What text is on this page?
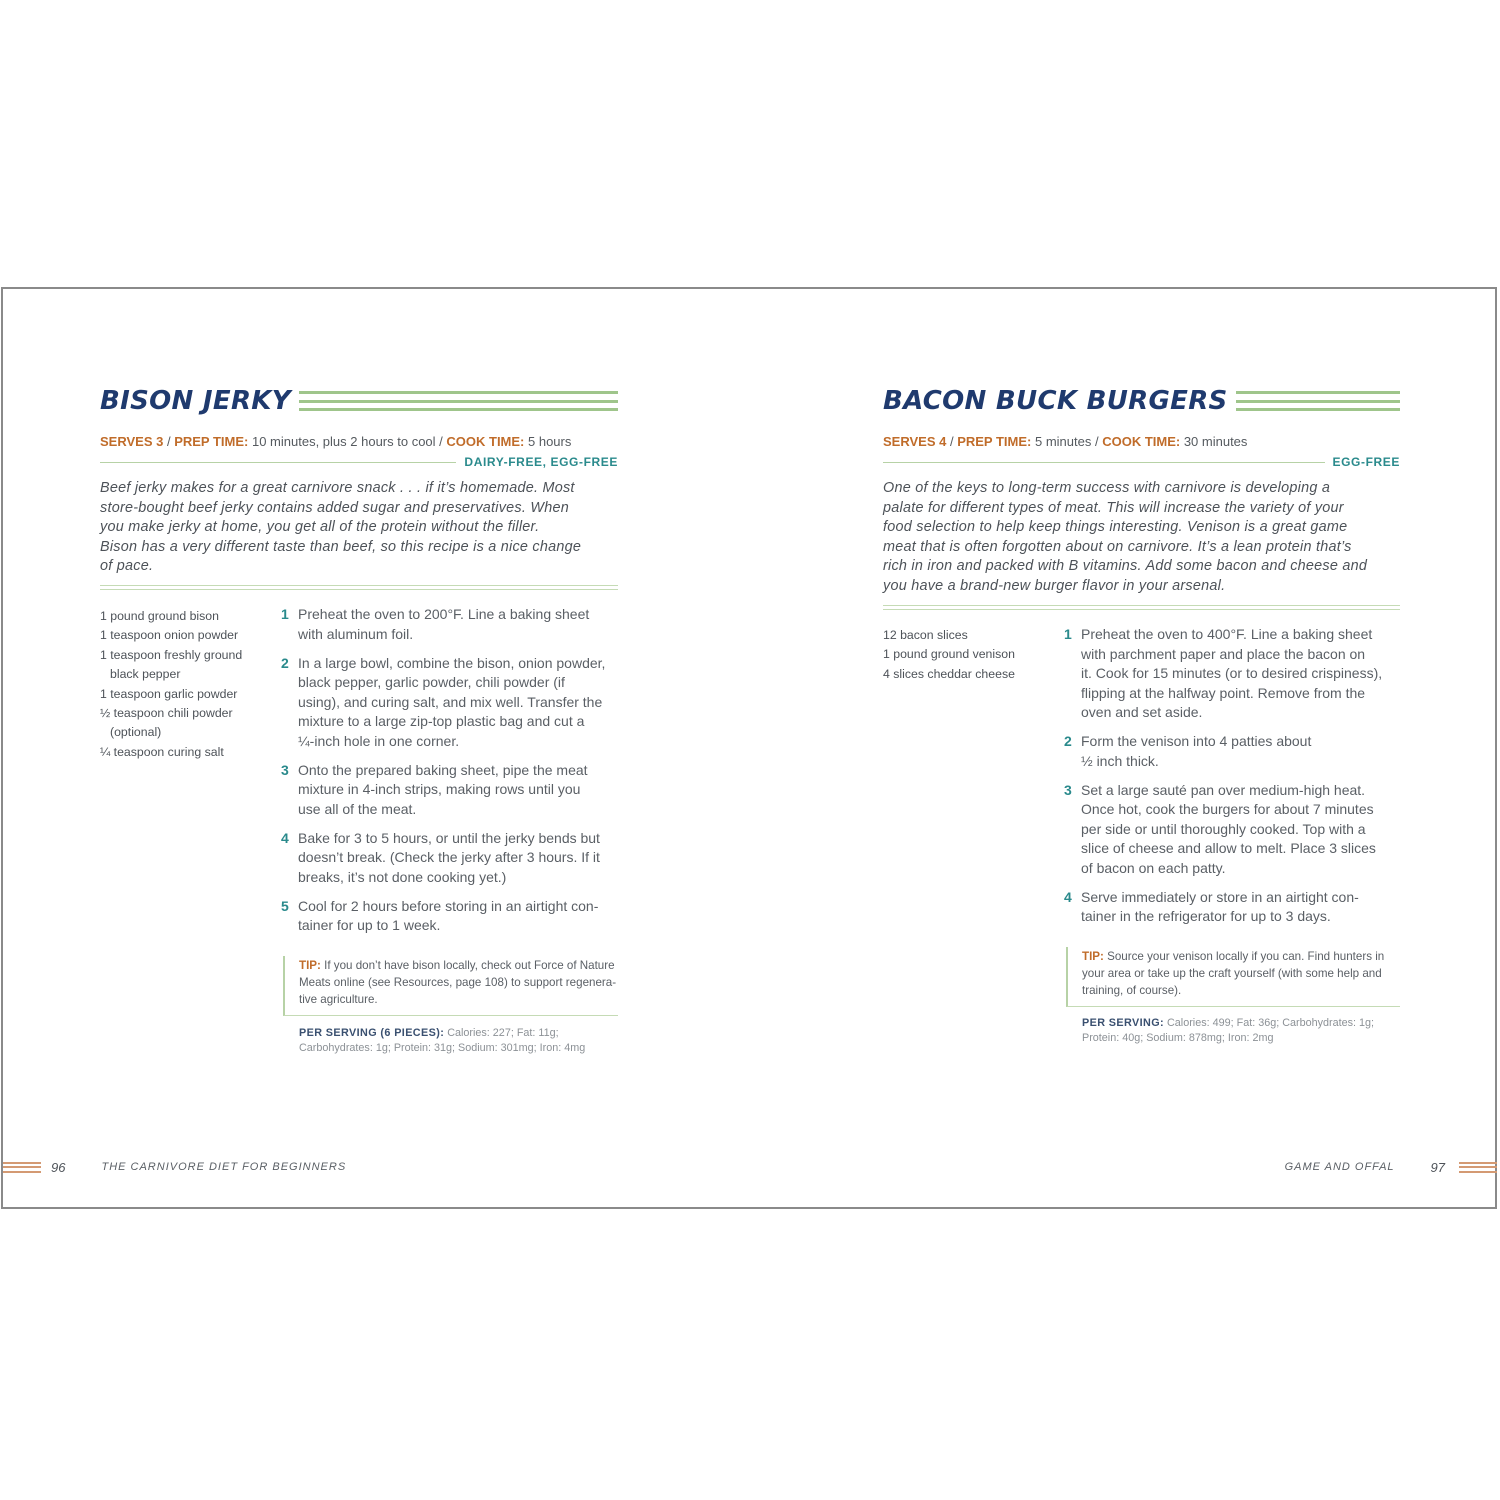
BISON JERKY
SERVES 3 / PREP TIME: 10 minutes, plus 2 hours to cool / COOK TIME: 5 hours
DAIRY-FREE, EGG-FREE
Beef jerky makes for a great carnivore snack . . . if it’s homemade. Most
store-bought beef jerky contains added sugar and preservatives. When
you make jerky at home, you get all of the protein without the filler.
Bison has a very different taste than beef, so this recipe is a nice change
of pace.
1 pound ground bison
1 teaspoon onion powder
1 teaspoon freshly ground
black pepper
1 teaspoon garlic powder
½ teaspoon chili powder
(optional)
¼ teaspoon curing salt
1 Preheat the oven to 200°F. Line a baking sheet
with aluminum foil.
2 In a large bowl, combine the bison, onion powder,
black pepper, garlic powder, chili powder (if
using), and curing salt, and mix well. Transfer the
mixture to a large zip-top plastic bag and cut a
¼-inch hole in one corner.
3 Onto the prepared baking sheet, pipe the meat
mixture in 4-inch strips, making rows until you
use all of the meat.
4 Bake for 3 to 5 hours, or until the jerky bends but
doesn’t break. (Check the jerky after 3 hours. If it
breaks, it’s not done cooking yet.)
5 Cool for 2 hours before storing in an airtight con-
tainer for up to 1 week.
TIP: If you don’t have bison locally, check out Force of Nature
Meats online (see Resources, page 108) to support regenera-
tive agriculture.
PER SERVING (6 PIECES): Calories: 227; Fat: 11g;
Carbohydrates: 1g; Protein: 31g; Sodium: 301mg; Iron: 4mg
96	THE CARNIVORE DIET FOR BEGINNERS
BACON BUCK BURGERS
SERVES 4 / PREP TIME: 5 minutes / COOK TIME: 30 minutes
EGG-FREE
One of the keys to long-term success with carnivore is developing a
palate for different types of meat. This will increase the variety of your
food selection to help keep things interesting. Venison is a great game
meat that is often forgotten about on carnivore. It’s a lean protein that’s
rich in iron and packed with B vitamins. Add some bacon and cheese and
you have a brand-new burger flavor in your arsenal.
12 bacon slices
1 pound ground venison
4 slices cheddar cheese
1 Preheat the oven to 400°F. Line a baking sheet
with parchment paper and place the bacon on
it. Cook for 15 minutes (or to desired crispiness),
flipping at the halfway point. Remove from the
oven and set aside.
2 Form the venison into 4 patties about
½ inch thick.
3 Set a large sauté pan over medium-high heat.
Once hot, cook the burgers for about 7 minutes
per side or until thoroughly cooked. Top with a
slice of cheese and allow to melt. Place 3 slices
of bacon on each patty.
4 Serve immediately or store in an airtight con-
tainer in the refrigerator for up to 3 days.
TIP: Source your venison locally if you can. Find hunters in
your area or take up the craft yourself (with some help and
training, of course).
PER SERVING: Calories: 499; Fat: 36g; Carbohydrates: 1g;
Protein: 40g; Sodium: 878mg; Iron: 2mg
GAME AND OFFAL	97
